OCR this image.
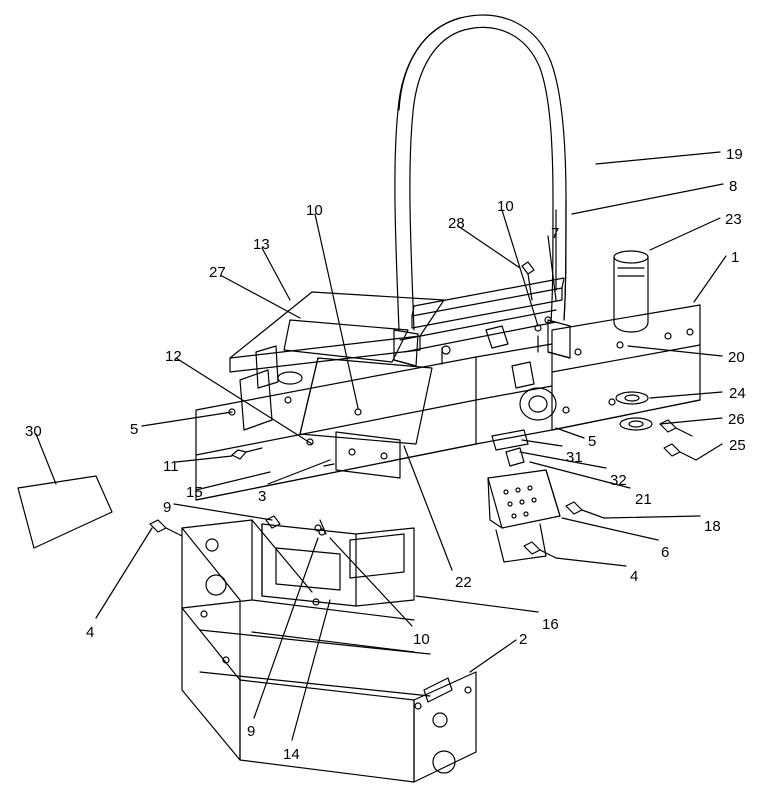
19
8
23
1
10	10
28
7
13
27
20
24
26
25
12
5
30
11
5
31
32
21
18
15	3
9
22
6
4
4	10
16
2
9
14
